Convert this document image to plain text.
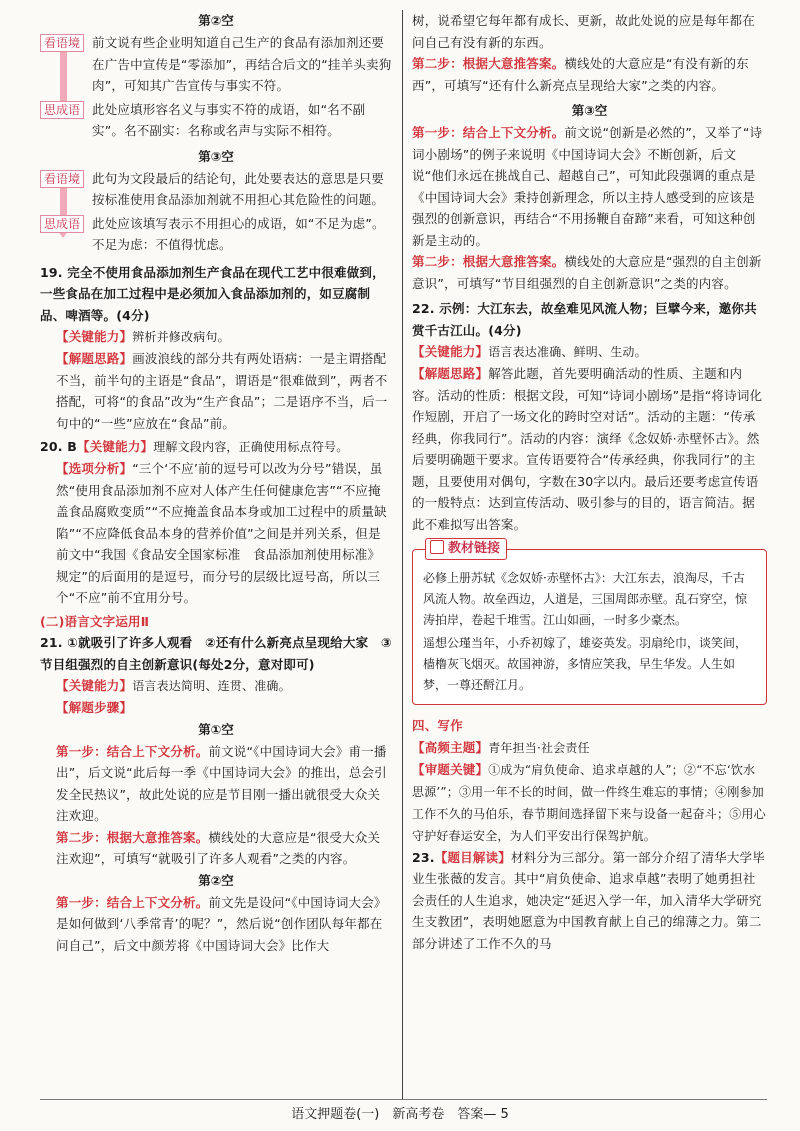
第②空
看语境 前文说有些企业明知道自己生产的食品有添加剂还要在广告中宣传是“零添加”，再结合后文的“挂羊头卖狗肉”，可知其广告宣传与事实不符。

思成语 此处应填形容名义与事实不符的成语，如“名不副实”。名不副实：名称或名声与实际不相符。

第③空
看语境 此句为文段最后的结论句，此处要表达的意思是只要按标准使用食品添加剂就不用担心其危险性的问题。

思成语 此处应该填写表示不用担心的成语，如“不足为虑”。不足为虑：不值得忧虑。

19. 完全不使用食品添加剂生产食品在现代工艺中很难做到，一些食品在加工过程中是必须加入食品添加剂的，如豆腐制品、啤酒等。(4分)

【关键能力】辨析并修改病句。

【解题思路】画波浪线的部分共有两处语病：一是主谓搭配不当，前半句的主语是“食品”，谓语是“很难做到”，两者不搭配，可将“的食品”改为“生产食品”；二是语序不当，后一句中的“一些”应放在“食品”前。

20. B【关键能力】理解文段内容，正确使用标点符号。

【选项分析】“三个‘不应’前的逗号可以改为分号”错误，虽然“使用食品添加剂不应对人体产生任何健康危害”“不应掩盖食品腐败变质”“不应掩盖食品本身或加工过程中的质量缺陷”“不应降低食品本身的营养价值”之间是并列关系，但是前文中“我国《食品安全国家标准　食品添加剂使用标准》规定”的后面用的是逗号，而分号的层级比逗号高，所以三个“不应”前不宜用分号。

(二)语言文字运用Ⅱ

21. ①就吸引了许多人观看　②还有什么新亮点呈现给大家　③节目组强烈的自主创新意识(每处2分，意对即可)

【关键能力】语言表达简明、连贯、准确。

【解题步骤】

第①空

第一步：结合上下文分析。前文说“《中国诗词大会》甫一播出”，后文说“此后每一季《中国诗词大会》的推出，总会引发全民热议”，故此处说的应是节目刚一播出就很受大众关注欢迎。

第二步：根据大意推答案。横线处的大意应是“很受大众关注欢迎”，可填写“就吸引了许多人观看”之类的内容。

第②空

第一步：结合上下文分析。前文先是设问“《中国诗词大会》是如何做到‘八季常青’的呢？”，然后说“创作团队每年都在问自己”，后文中颜芳将《中国诗词大会》比作大

树，说希望它每年都有成长、更新，故此处说的应是每年都在问自己有没有新的东西。

第二步：根据大意推答案。横线处的大意应是“有没有新的东西”，可填写“还有什么新亮点呈现给大家”之类的内容。

第③空

第一步：结合上下文分析。前文说“创新是必然的”，又举了“诗词小剧场”的例子来说明《中国诗词大会》不断创新，后文说“他们永远在挑战自己、超越自己”，可知此段强调的重点是《中国诗词大会》秉持创新理念，所以主持人感受到的应该是强烈的创新意识，再结合“不用扬鞭自奋蹄”来看，可知这种创新是主动的。

第二步：根据大意推答案。横线处的大意应是“强烈的自主创新意识”，可填写“节目组强烈的自主创新意识”之类的内容。

22. 示例：大江东去，故垒难见风流人物；巨擘今来，邀你共赏千古江山。(4分)

【关键能力】语言表达准确、鲜明、生动。

【解题思路】解答此题，首先要明确活动的性质、主题和内容。活动的性质：根据文段，可知“诗词小剧场”是指“将诗词化作短剧，开启了一场文化的跨时空对话”。活动的主题：“传承经典，你我同行”。活动的内容：演绎《念奴娇·赤壁怀古》。然后要明确题干要求。宣传语要符合“传承经典，你我同行”的主题，且要使用对偶句，字数在30字以内。最后还要考虑宣传语的一般特点：达到宣传活动、吸引参与的目的，语言简洁。据此不难拟写出答案。

教材链接

必修上册苏轼《念奴娇·赤壁怀古》：大江东去，浪淘尽，千古风流人物。故垒西边，人道是，三国周郎赤壁。乱石穿空，惊涛拍岸，卷起千堆雪。江山如画，一时多少豪杰。

遥想公瑾当年，小乔初嫁了，雄姿英发。羽扇纶巾，谈笑间，樯橹灰飞烟灭。故国神游，多情应笑我，早生华发。人生如梦，一尊还酹江月。

四、写作

【高频主题】青年担当·社会责任

【审题关键】①成为“肩负使命、追求卓越的人”；②“不忘‘饮水思源’”；③用一年不长的时间，做一件终生难忘的事情；④刚参加工作不久的马伯乐，春节期间选择留下来与设备一起奋斗；⑤用心守护好春运安全，为人们平安出行保驾护航。

23.【题目解读】材料分为三部分。第一部分介绍了清华大学毕业生张薇的发言。其中“肩负使命、追求卓越”表明了她勇担社会责任的人生追求，她决定“延迟入学一年，加入清华大学研究生支教团”，表明她愿意为中国教育献上自己的绵薄之力。第二部分讲述了工作不久的马

语文押题卷(一)　新高考卷　答案— 5
